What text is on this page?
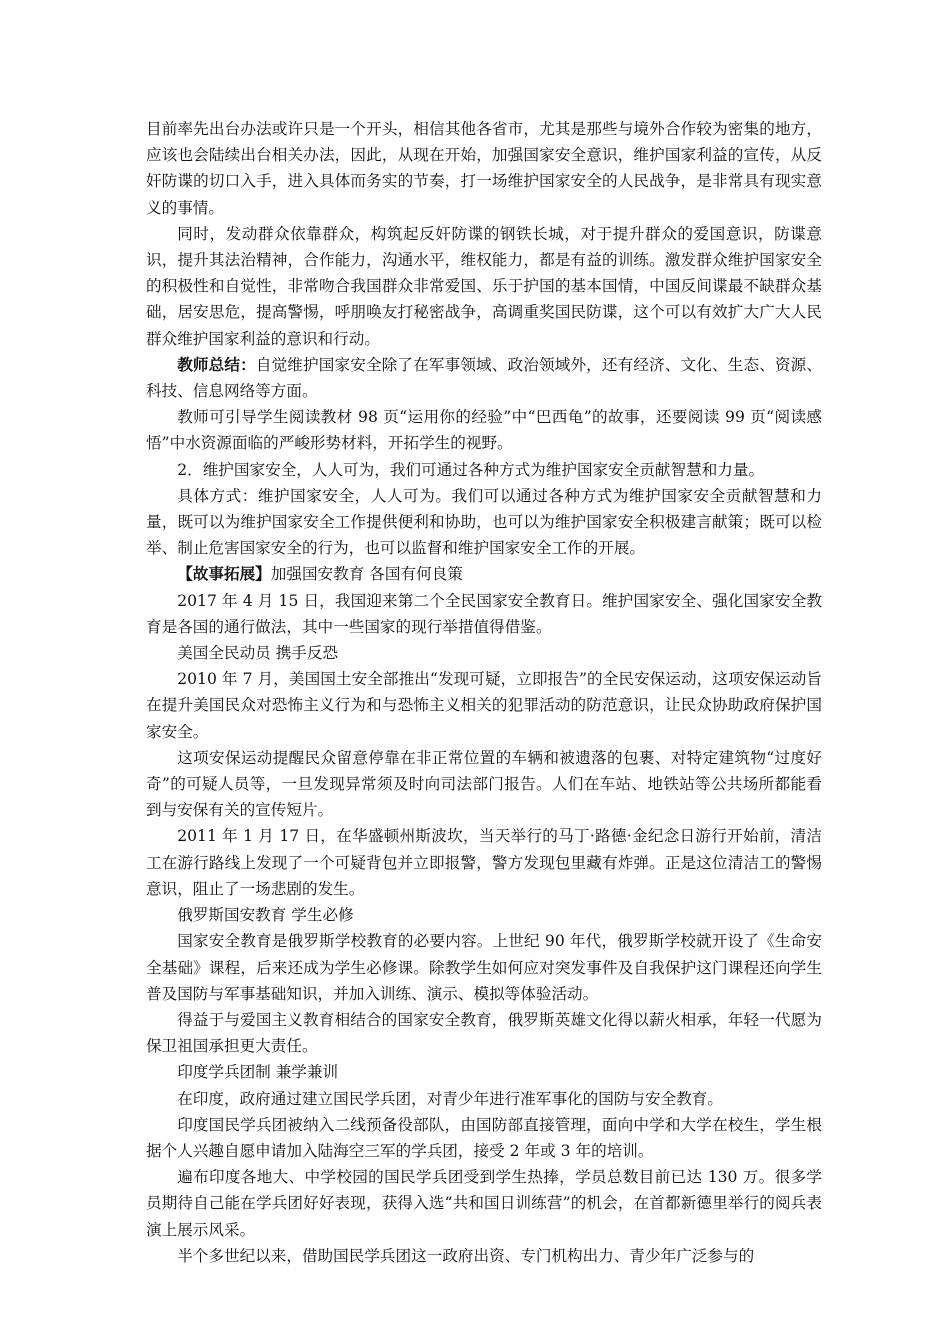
目前率先出台办法或许只是一个开头，相信其他各省市，尤其是那些与境外合作较为密集的地方，应该也会陆续出台相关办法，因此，从现在开始，加强国家安全意识，维护国家利益的宣传，从反奸防谍的切口入手，进入具体而务实的节奏，打一场维护国家安全的人民战争，是非常具有现实意义的事情。

同时，发动群众依靠群众，构筑起反奸防谍的钢铁长城，对于提升群众的爱国意识，防谍意识，提升其法治精神，合作能力，沟通水平，维权能力，都是有益的训练。激发群众维护国家安全的积极性和自觉性，非常吻合我国群众非常爱国、乐于护国的基本国情，中国反间谍最不缺群众基础，居安思危，提高警惕，呼朋唤友打秘密战争，高调重奖国民防谍，这个可以有效扩大广大人民群众维护国家利益的意识和行动。

教师总结：自觉维护国家安全除了在军事领域、政治领域外，还有经济、文化、生态、资源、科技、信息网络等方面。

教师可引导学生阅读教材 98 页“运用你的经验”中“巴西龟”的故事，还要阅读 99 页“阅读感悟”中水资源面临的严峻形势材料，开拓学生的视野。

2．维护国家安全，人人可为，我们可通过各种方式为维护国家安全贡献智慧和力量。

具体方式：维护国家安全，人人可为。我们可以通过各种方式为维护国家安全贡献智慧和力量，既可以为维护国家安全工作提供便利和协助，也可以为维护国家安全积极建言献策；既可以检举、制止危害国家安全的行为，也可以监督和维护国家安全工作的开展。

【故事拓展】加强国安教育 各国有何良策

2017 年 4 月 15 日，我国迎来第二个全民国家安全教育日。维护国家安全、强化国家安全教育是各国的通行做法，其中一些国家的现行举措值得借鉴。

美国全民动员 携手反恐

2010 年 7 月，美国国土安全部推出“发现可疑，立即报告”的全民安保运动，这项安保运动旨在提升美国民众对恐怖主义行为和与恐怖主义相关的犯罪活动的防范意识，让民众协助政府保护国家安全。

这项安保运动提醒民众留意停靠在非正常位置的车辆和被遗落的包裹、对特定建筑物“过度好奇”的可疑人员等，一旦发现异常须及时向司法部门报告。人们在车站、地铁站等公共场所都能看到与安保有关的宣传短片。

2011 年 1 月 17 日，在华盛顿州斯波坎，当天举行的马丁·路德·金纪念日游行开始前，清洁工在游行路线上发现了一个可疑背包并立即报警，警方发现包里藏有炸弹。正是这位清洁工的警惕意识，阻止了一场悲剧的发生。

俄罗斯国安教育 学生必修

国家安全教育是俄罗斯学校教育的必要内容。上世纪 90 年代，俄罗斯学校就开设了《生命安全基础》课程，后来还成为学生必修课。除教学生如何应对突发事件及自我保护这门课程还向学生普及国防与军事基础知识，并加入训练、演示、模拟等体验活动。

得益于与爱国主义教育相结合的国家安全教育，俄罗斯英雄文化得以薪火相承，年轻一代愿为保卫祖国承担更大责任。

印度学兵团制 兼学兼训

在印度，政府通过建立国民学兵团，对青少年进行准军事化的国防与安全教育。

印度国民学兵团被纳入二线预备役部队，由国防部直接管理，面向中学和大学在校生，学生根据个人兴趣自愿申请加入陆海空三军的学兵团，接受 2 年或 3 年的培训。

遍布印度各地大、中学校园的国民学兵团受到学生热捧，学员总数目前已达 130 万。很多学员期待自己能在学兵团好好表现，获得入选“共和国日训练营”的机会，在首都新德里举行的阅兵表演上展示风采。

半个多世纪以来，借助国民学兵团这一政府出资、专门机构出力、青少年广泛参与的
